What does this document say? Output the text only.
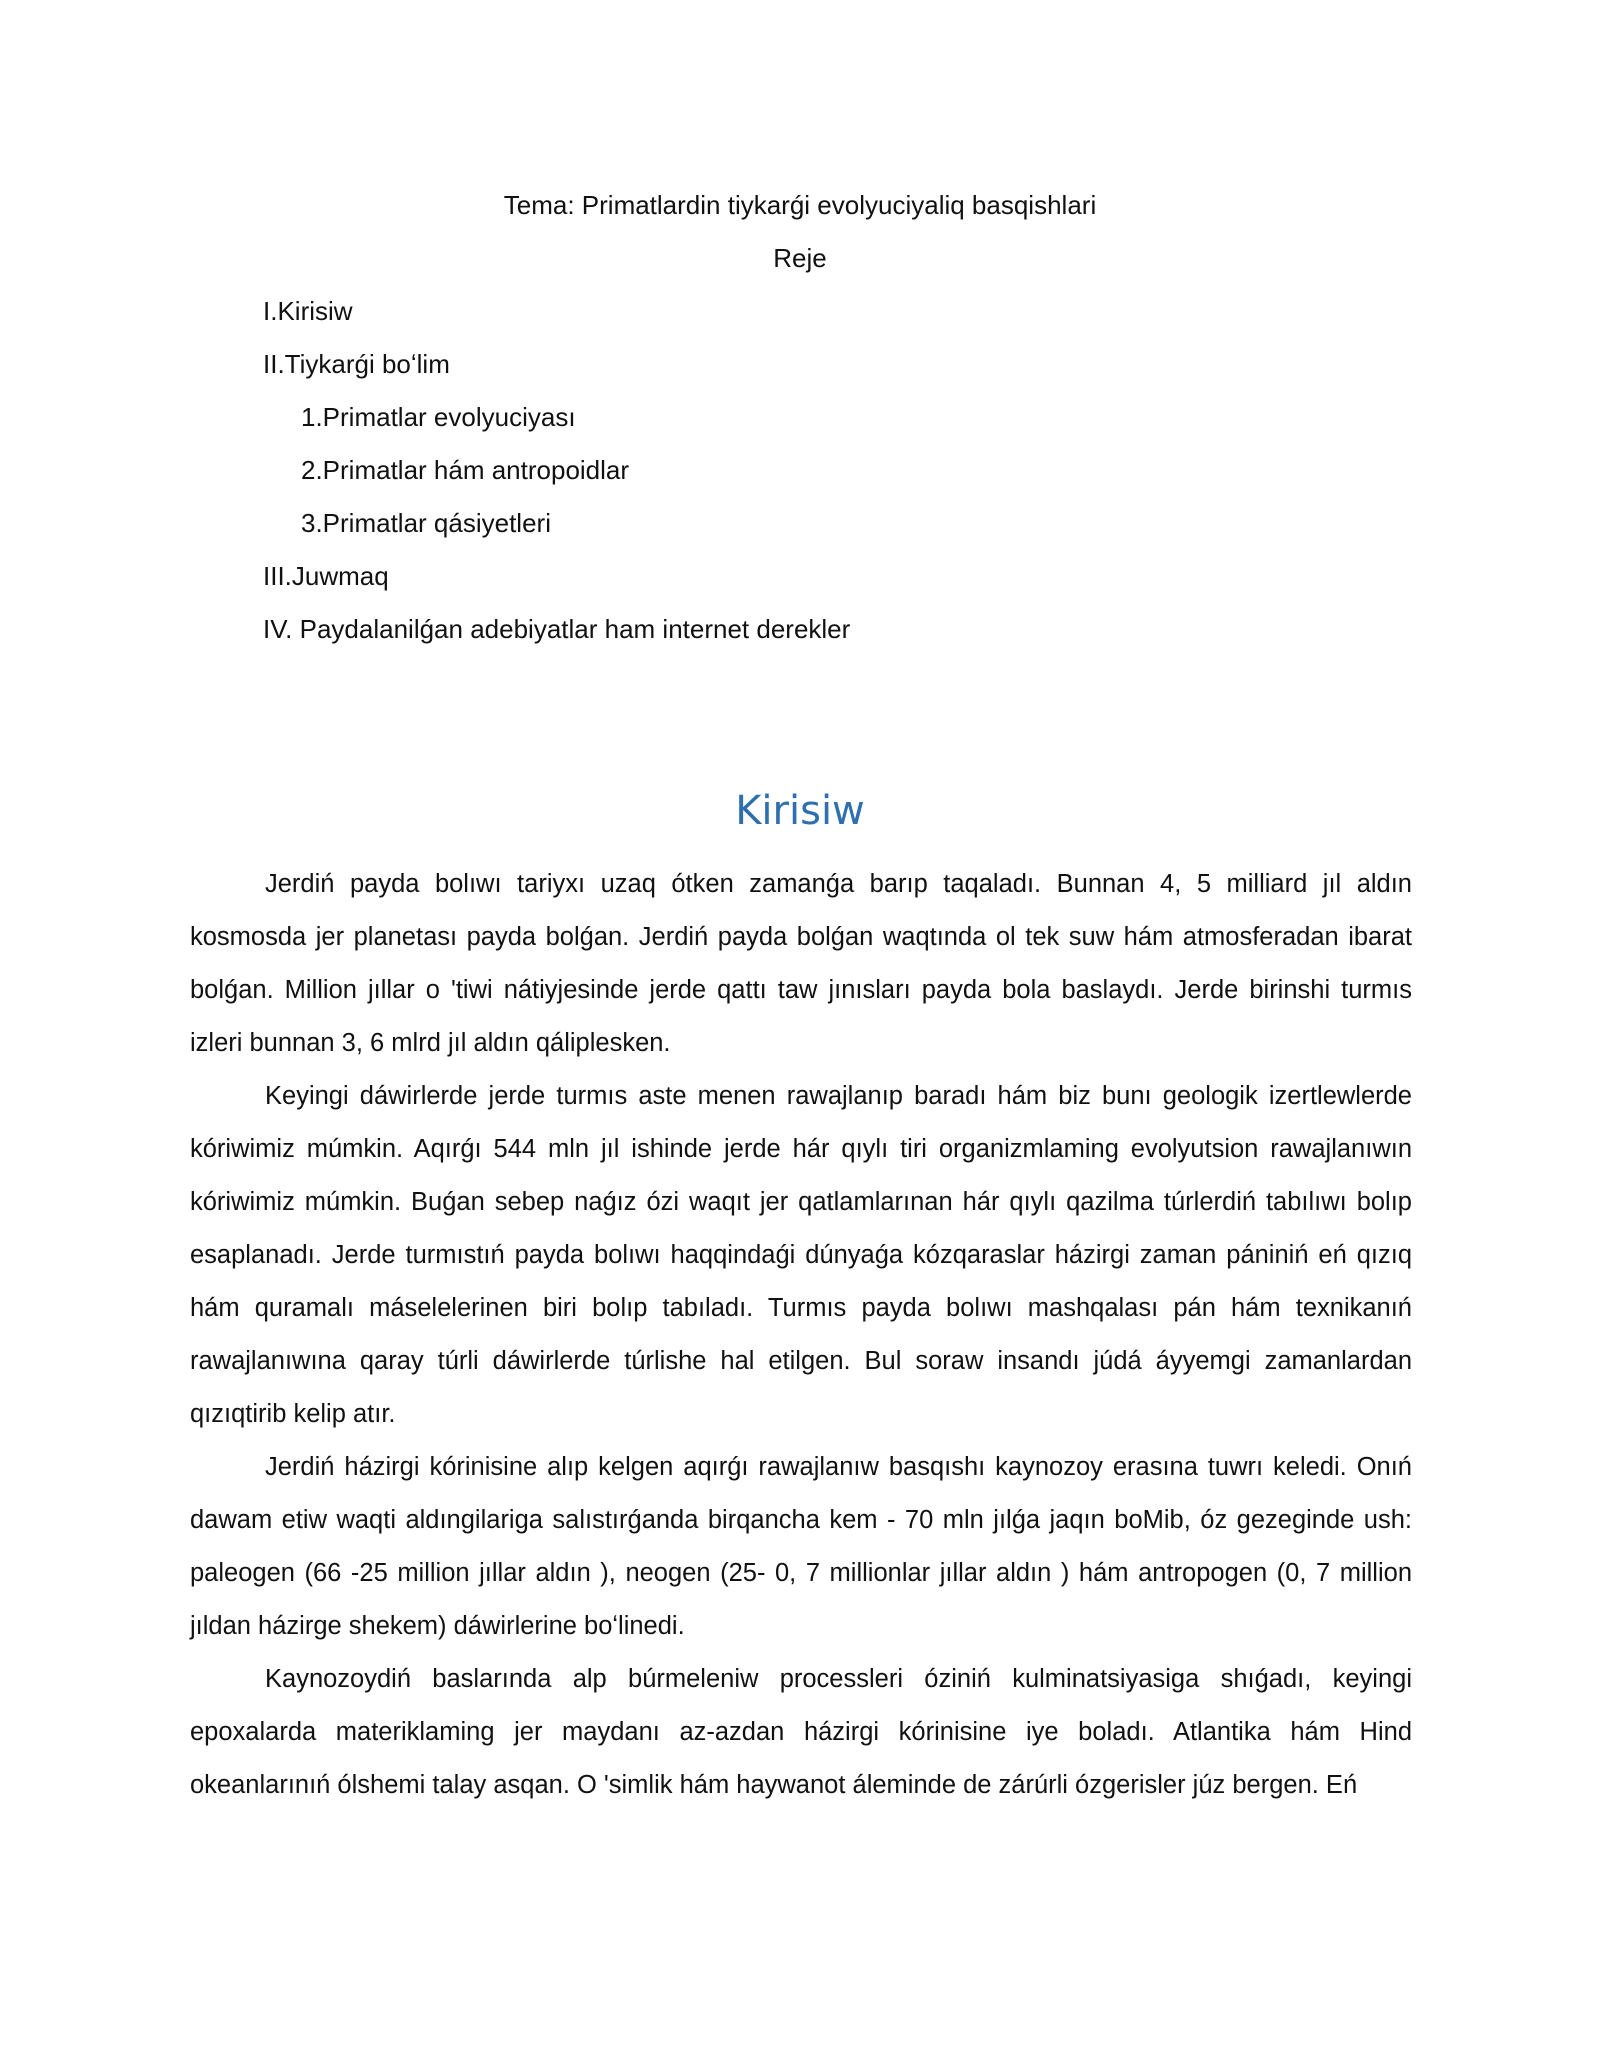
Tema: Primatlardin tiykarǵi evolyuciyaliq basqishlari
Reje
I.Kirisiw
II.Tiykarǵi boʻlim
1.Primatlar evolyuciyası
2.Primatlar hám antropoidlar
3.Primatlar qásiyetleri
III.Juwmaq
IV. Paydalanilǵan adebiyatlar ham internet derekler
Kirisiw

Jerdiń payda bolıwı tariyxı uzaq ótken zamanǵa barıp taqaladı. Bunnan 4, 5 milliard jıl aldın kosmosda jer planetası payda bolǵan. Jerdiń payda bolǵan waqtında ol tek suw hám atmosferadan ibarat bolǵan. Million jıllar o 'tiwi nátiyjesinde jerde qattı taw jınısları payda bola baslaydı. Jerde birinshi turmıs izleri bunnan 3, 6 mlrd jıl aldın qáliplesken.

Keyingi dáwirlerde jerde turmıs aste menen rawajlanıp baradı hám biz bunı geologik izertlewlerde kóriwimiz múmkin. Aqırǵı 544 mln jıl ishinde jerde hár qıylı tiri organizmlaming evolyutsion rawajlanıwın kóriwimiz múmkin. Buǵan sebep naǵız ózi waqıt jer qatlamlarınan hár qıylı qazilma túrlerdiń tabılıwı bolıp esaplanadı. Jerde turmıstıń payda bolıwı haqqindaǵi dúnyaǵa kózqaraslar házirgi zaman pániniń eń qızıq hám quramalı máselelerinen biri bolıp tabıladı. Turmıs payda bolıwı mashqalası pán hám texnikanıń rawajlanıwına qaray túrli dáwirlerde túrlishe hal etilgen. Bul soraw insandı júdá áyyemgi zamanlardan qızıqtirib kelip atır.

Jerdiń házirgi kórinisine alıp kelgen aqırǵı rawajlanıw basqıshı kaynozoy erasına tuwrı keledi. Onıń dawam etiw waqti aldıngilariga salıstırǵanda birqancha kem - 70 mln jılǵa jaqın boMib, óz gezeginde ush: paleogen (66 -25 million jıllar aldın ), neogen (25- 0, 7 millionlar jıllar aldın ) hám antropogen (0, 7 million jıldan házirge shekem) dáwirlerine boʻlinedi.

Kaynozoydiń baslarında alp búrmeleniw processleri óziniń kulminatsiyasiga shıǵadı, keyingi epoxalarda materiklaming jer maydanı az-azdan házirgi kórinisine iye boladı. Atlantika hám Hind okeanlarınıń ólshemi talay asqan. O 'simlik hám haywanot áleminde de zárúrli ózgerisler júz bergen. Eń
